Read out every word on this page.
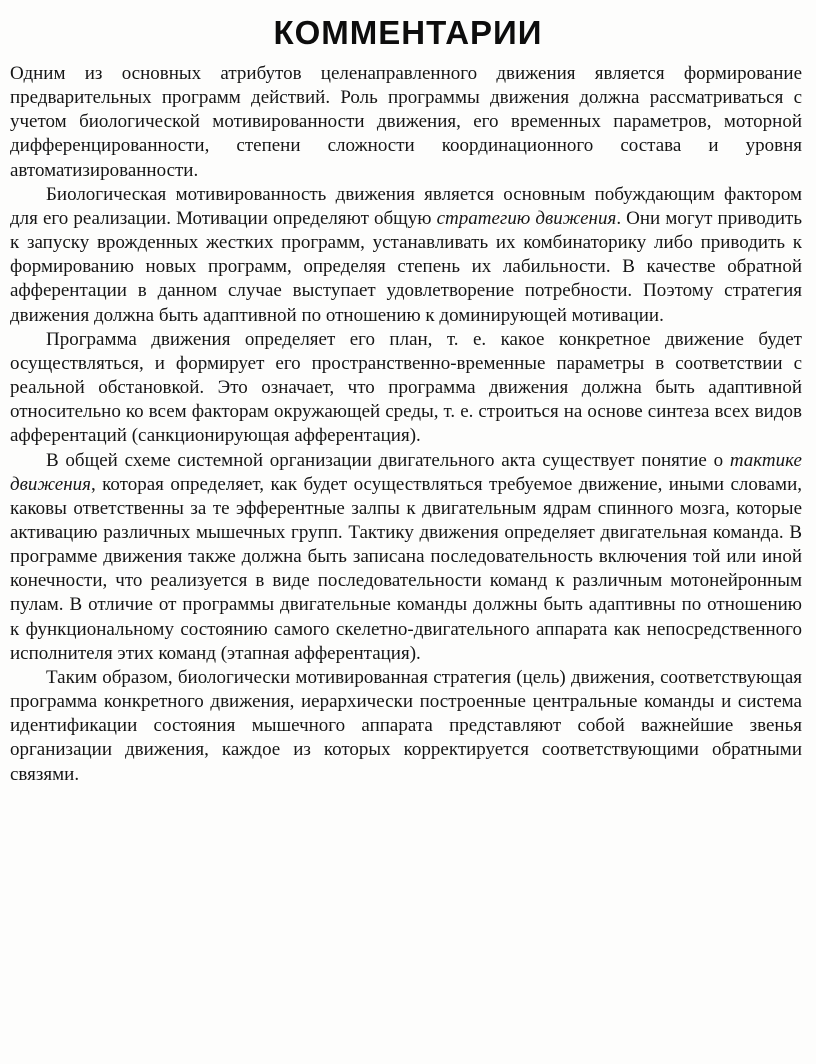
КОММЕНТАРИИ

Одним из основных атрибутов целенаправленного движения является формирование предварительных программ действий. Роль программы движения должна рассматриваться с учетом биологической мотивированности движения, его временных параметров, моторной дифференцированности, степени сложности координационного состава и уровня автоматизированности.

Биологическая мотивированность движения является основным побуждающим фактором для его реализации. Мотивации определяют общую стратегию движения. Они могут приводить к запуску врожденных жестких программ, устанавливать их комбинаторику либо приводить к формированию новых программ, определяя степень их лабильности. В качестве обратной афферентации в данном случае выступает удовлетворение потребности. Поэтому стратегия движения должна быть адаптивной по отношению к доминирующей мотивации.

Программа движения определяет его план, т. е. какое конкретное движение будет осуществляться, и формирует его пространственно-временные параметры в соответствии с реальной обстановкой. Это означает, что программа движения должна быть адаптивной относительно ко всем факторам окружающей среды, т. е. строиться на основе синтеза всех видов афферентаций (санкционирующая афферентация).

В общей схеме системной организации двигательного акта существует понятие о тактике движения, которая определяет, как будет осуществляться требуемое движение, иными словами, каковы ответственны за те эфферентные залпы к двигательным ядрам спинного мозга, которые активацию различных мышечных групп. Тактику движения определяет двигательная команда. В программе движения также должна быть записана последовательность включения той или иной конечности, что реализуется в виде последовательности команд к различным мотонейронным пулам. В отличие от программы двигательные команды должны быть адаптивны по отношению к функциональному состоянию самого скелетно-двигательного аппарата как непосредственного исполнителя этих команд (этапная афферентация).

Таким образом, биологически мотивированная стратегия (цель) движения, соответствующая программа конкретного движения, иерархически построенные центральные команды и система идентификации состояния мышечного аппарата представляют собой важнейшие звенья организации движения, каждое из которых корректируется соответствующими обратными связями.
